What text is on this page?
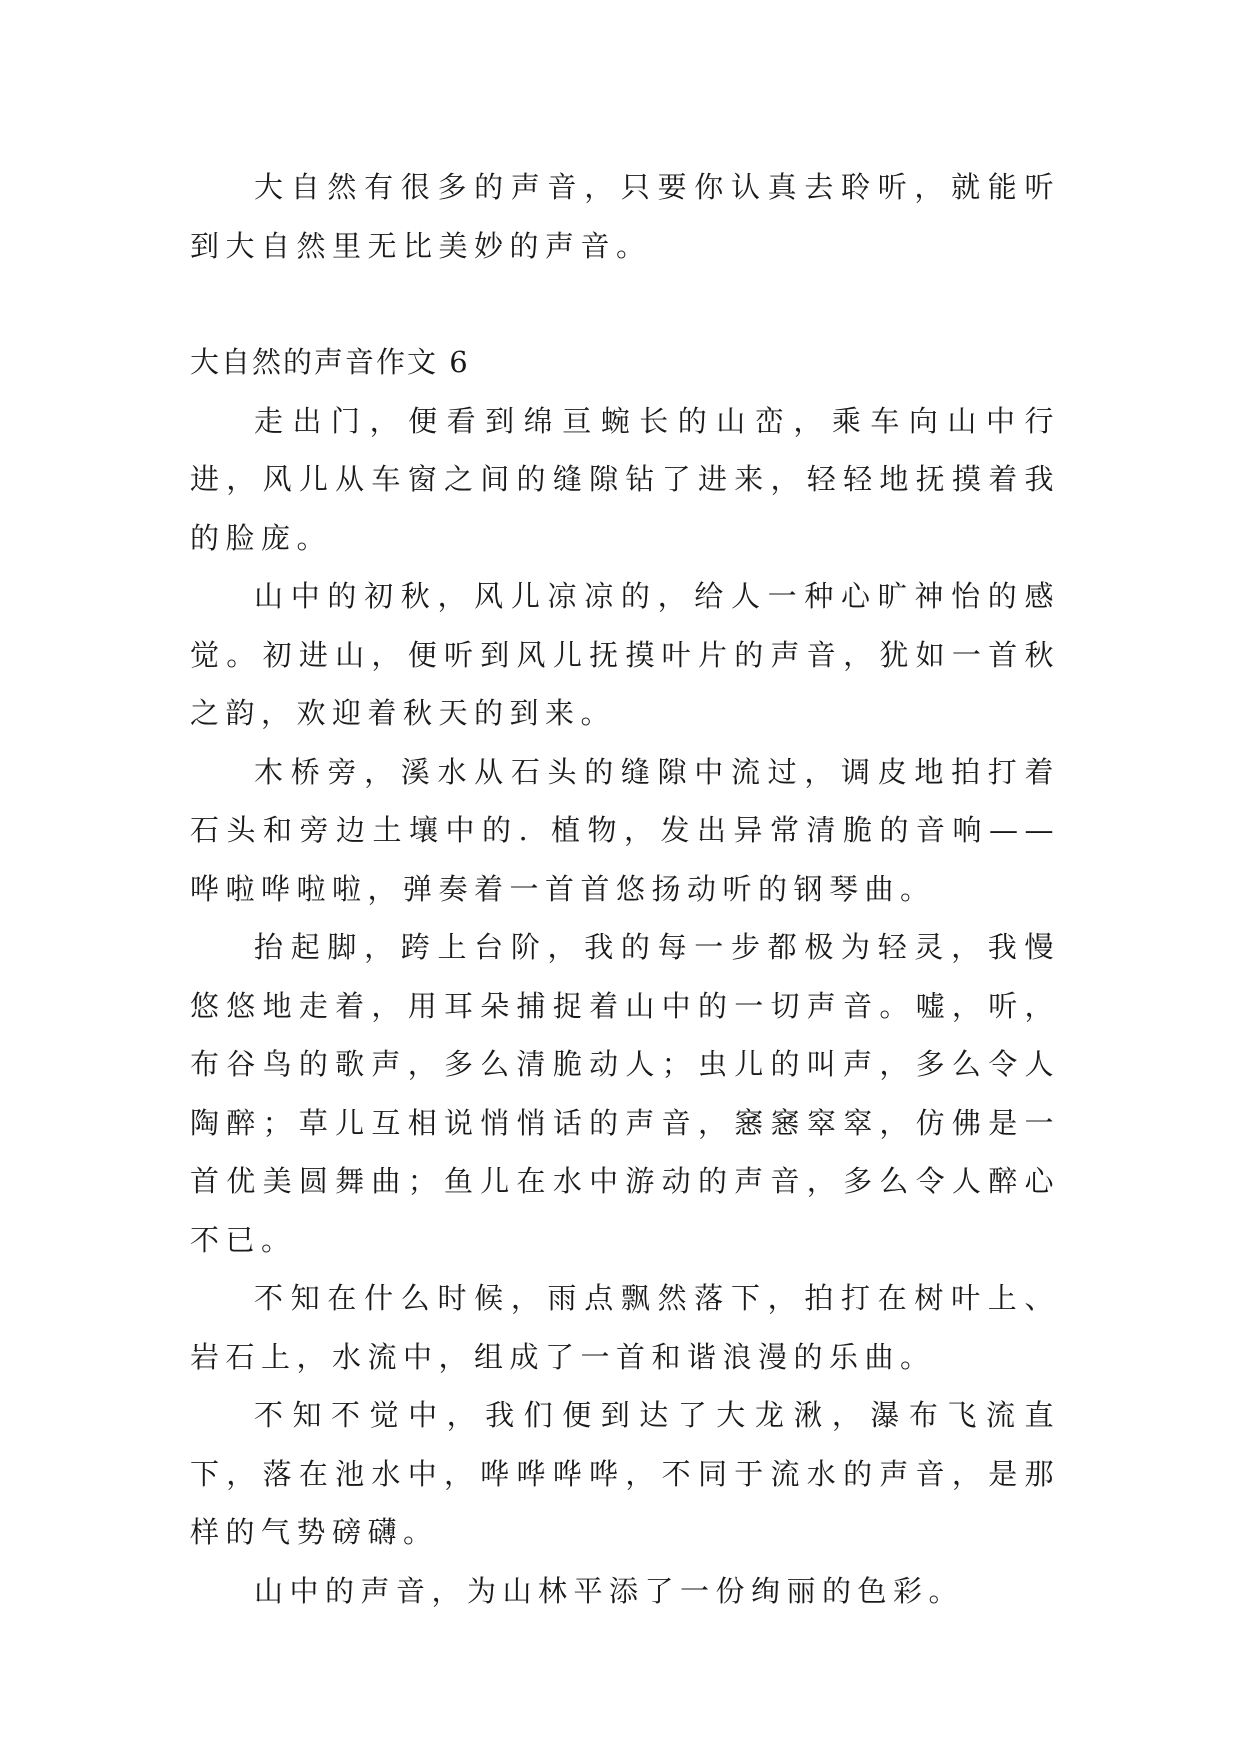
大自然有很多的声音，只要你认真去聆听，就能听到大自然里无比美妙的声音。

大自然的声音作文 6

走出门，便看到绵亘蜿长的山峦，乘车向山中行进，风儿从车窗之间的缝隙钻了进来，轻轻地抚摸着我的脸庞。

山中的初秋，风儿凉凉的，给人一种心旷神怡的感觉。初进山，便听到风儿抚摸叶片的声音，犹如一首秋之韵，欢迎着秋天的到来。

木桥旁，溪水从石头的缝隙中流过，调皮地拍打着石头和旁边土壤中的. 植物，发出异常清脆的音响——哗啦哗啦啦，弹奏着一首首悠扬动听的钢琴曲。

抬起脚，跨上台阶，我的每一步都极为轻灵，我慢悠悠地走着，用耳朵捕捉着山中的一切声音。嘘，听，布谷鸟的歌声，多么清脆动人；虫儿的叫声，多么令人陶醉；草儿互相说悄悄话的声音，窸窸窣窣，仿佛是一首优美圆舞曲；鱼儿在水中游动的声音，多么令人醉心不已。

不知在什么时候，雨点飘然落下，拍打在树叶上、岩石上，水流中，组成了一首和谐浪漫的乐曲。

不知不觉中，我们便到达了大龙湫，瀑布飞流直下，落在池水中，哗哗哗哗，不同于流水的声音，是那样的气势磅礴。

山中的声音，为山林平添了一份绚丽的色彩。
